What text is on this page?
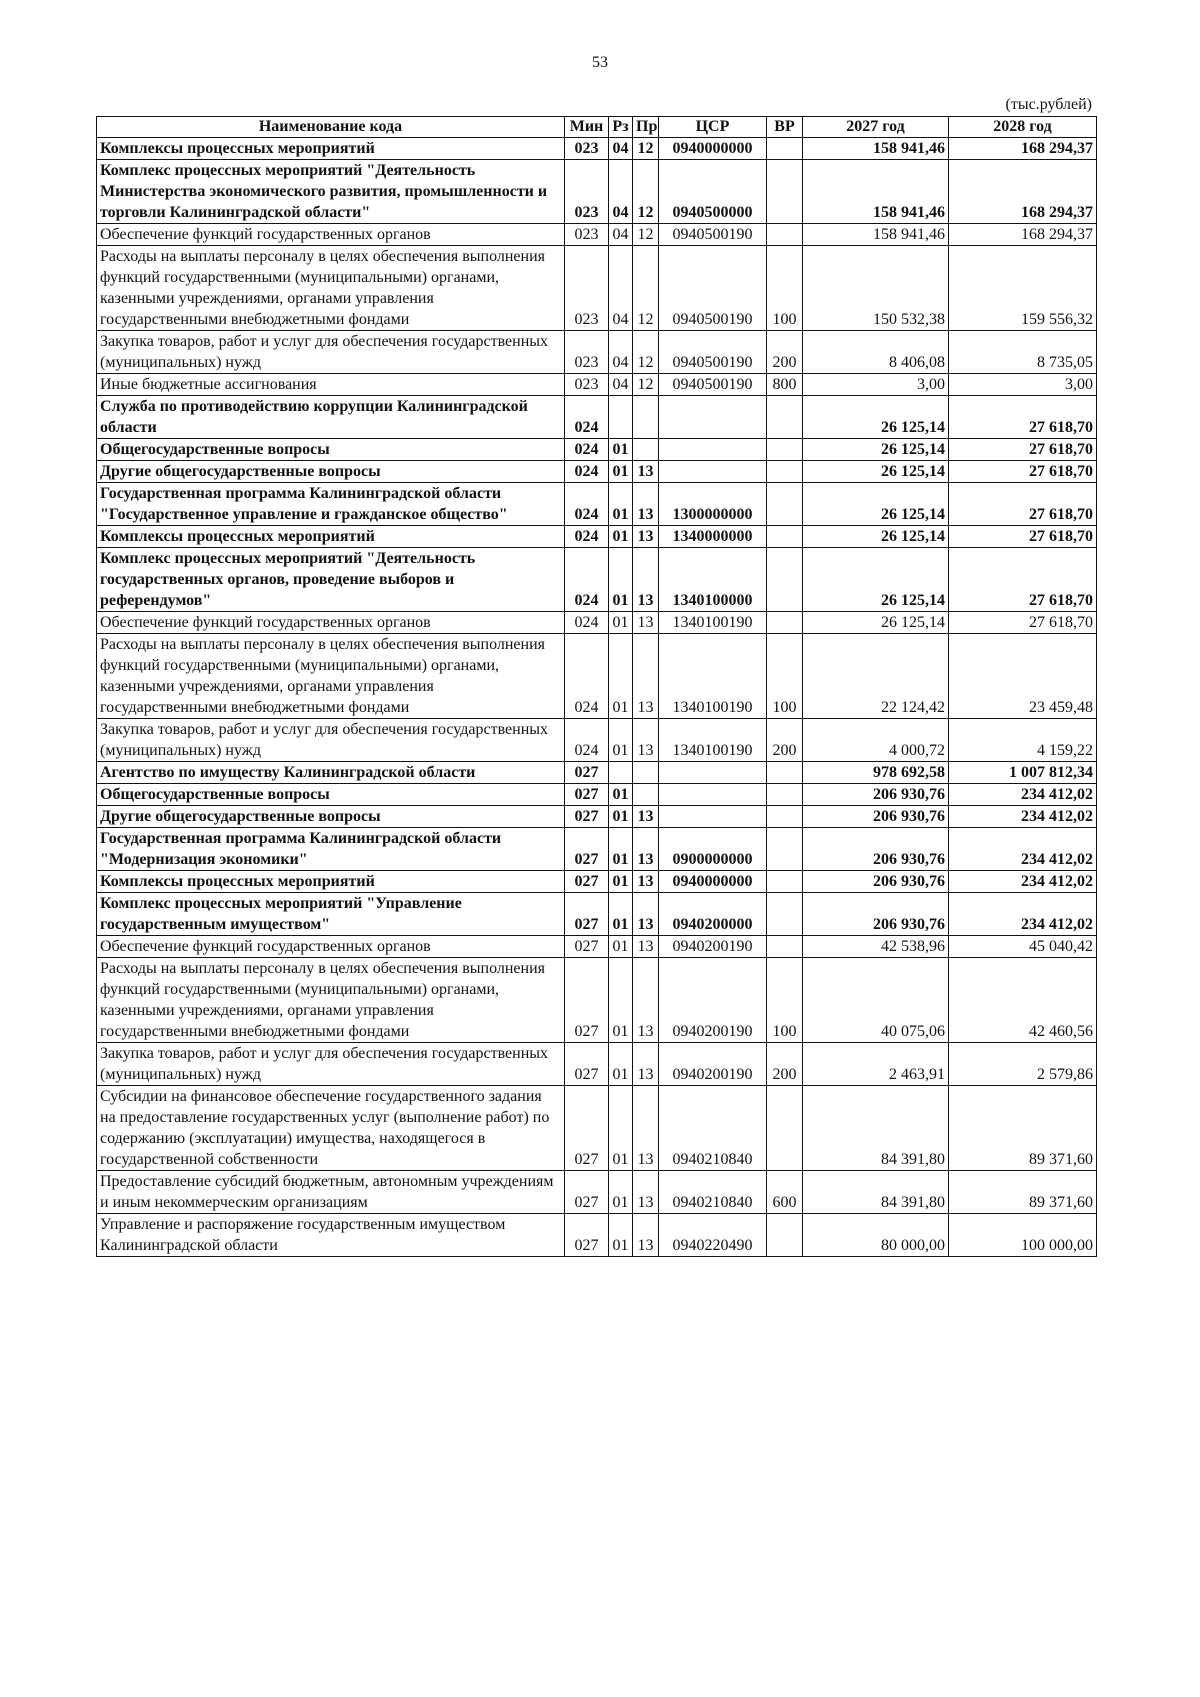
53
(тыс.рублей)
Наименование кода	Мин	Рз	Пр	ЦСР	ВР	2027 год	2028 год
Комплексы процессных мероприятий	023	04	12	0940000000		158 941,46	168 294,37
Комплекс процессных мероприятий "Деятельность Министерства экономического развития, промышленности и торговли Калининградской области"	023	04	12	0940500000		158 941,46	168 294,37
Обеспечение функций государственных органов	023	04	12	0940500190		158 941,46	168 294,37
Расходы на выплаты персоналу в целях обеспечения выполнения функций государственными (муниципальными) органами, казенными учреждениями, органами управления государственными внебюджетными фондами	023	04	12	0940500190	100	150 532,38	159 556,32
Закупка товаров, работ и услуг для обеспечения государственных (муниципальных) нужд	023	04	12	0940500190	200	8 406,08	8 735,05
Иные бюджетные ассигнования	023	04	12	0940500190	800	3,00	3,00
Служба по противодействию коррупции Калининградской области	024					26 125,14	27 618,70
Общегосударственные вопросы	024	01				26 125,14	27 618,70
Другие общегосударственные вопросы	024	01	13			26 125,14	27 618,70
Государственная программа Калининградской области "Государственное управление и гражданское общество"	024	01	13	1300000000		26 125,14	27 618,70
Комплексы процессных мероприятий	024	01	13	1340000000		26 125,14	27 618,70
Комплекс процессных мероприятий "Деятельность государственных органов, проведение выборов и референдумов"	024	01	13	1340100000		26 125,14	27 618,70
Обеспечение функций государственных органов	024	01	13	1340100190		26 125,14	27 618,70
Расходы на выплаты персоналу в целях обеспечения выполнения функций государственными (муниципальными) органами, казенными учреждениями, органами управления государственными внебюджетными фондами	024	01	13	1340100190	100	22 124,42	23 459,48
Закупка товаров, работ и услуг для обеспечения государственных (муниципальных) нужд	024	01	13	1340100190	200	4 000,72	4 159,22
Агентство по имуществу Калининградской области	027					978 692,58	1 007 812,34
Общегосударственные вопросы	027	01				206 930,76	234 412,02
Другие общегосударственные вопросы	027	01	13			206 930,76	234 412,02
Государственная программа Калининградской области "Модернизация экономики"	027	01	13	0900000000		206 930,76	234 412,02
Комплексы процессных мероприятий	027	01	13	0940000000		206 930,76	234 412,02
Комплекс процессных мероприятий "Управление государственным имуществом"	027	01	13	0940200000		206 930,76	234 412,02
Обеспечение функций государственных органов	027	01	13	0940200190		42 538,96	45 040,42
Расходы на выплаты персоналу в целях обеспечения выполнения функций государственными (муниципальными) органами, казенными учреждениями, органами управления государственными внебюджетными фондами	027	01	13	0940200190	100	40 075,06	42 460,56
Закупка товаров, работ и услуг для обеспечения государственных (муниципальных) нужд	027	01	13	0940200190	200	2 463,91	2 579,86
Субсидии на финансовое обеспечение государственного задания на предоставление государственных услуг (выполнение работ) по содержанию (эксплуатации) имущества, находящегося в государственной собственности	027	01	13	0940210840		84 391,80	89 371,60
Предоставление субсидий бюджетным, автономным учреждениям и иным некоммерческим организациям	027	01	13	0940210840	600	84 391,80	89 371,60
Управление и распоряжение государственным имуществом Калининградской области	027	01	13	0940220490		80 000,00	100 000,00
